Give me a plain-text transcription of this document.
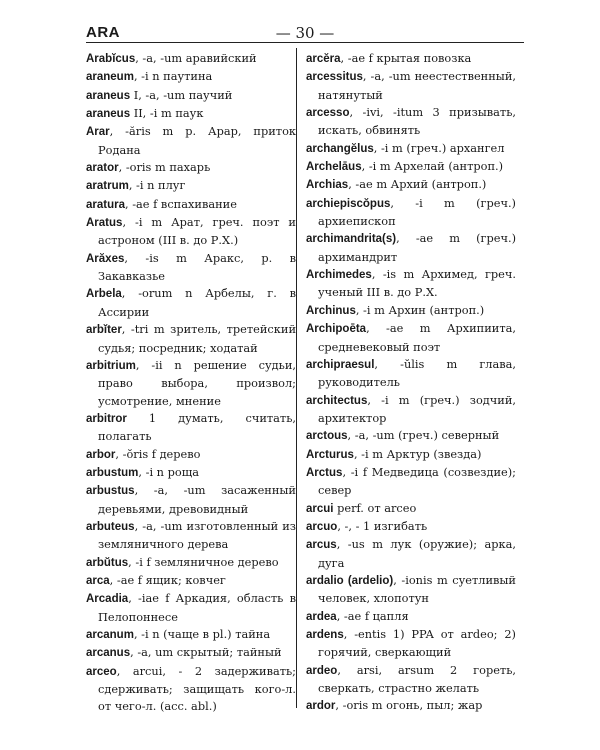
ARA	— 30 —

Arabĭcus, -a, -um аравийский

araneum, -i n паутина

araneus I, -a, -um паучий

araneus II, -i m паук

Arar, -ăris m p. Арар, приток Родана

arator, -oris m пахарь

aratrum, -i n плуг

aratura, -ae f вспахивание

Aratus, -i m Арат, греч. поэт и астроном (III в. до Р.Х.)

Arăxes, -is m Аракс, р. в Закавказье

Arbela, -orum n Арбелы, г. в Ассирии

arbĭter, -tri m зритель, третейский судья; посредник; ходатай

arbitrium, -ii n решение судьи, право выбора, произвол; усмотрение, мнение

arbitror 1 думать, считать, полагать

arbor, -ŏris f дерево

arbustum, -i n роща

arbustus, -a, -um засаженный деревьями, древовидный

arbuteus, -a, -um изготовленный из земляничного дерева

arbŭtus, -i f земляничное дерево

arca, -ae f ящик; ковчег

Arcadia, -iae f Аркадия, область в Пелопоннесе

arcanum, -i n (чаще в pl.) тайна

arcanus, -a, um скрытый; тайный

arceo, arcui, - 2 задерживать; сдерживать; защищать кого-л. от чего-л. (acc. abl.)

arcĕra, -ae f крытая повозка

arcessitus, -a, -um неестественный, натянутый

arcesso, -ivi, -itum 3 призывать, искать, обвинять

archangĕlus, -i m (греч.) архангел

Archelāus, -i m Архелай (антроп.)

Archias, -ae m Архий (антроп.)

archiepiscŏpus, -i m (греч.) архиепископ

archimandrita(s), -ae m (греч.) архимандрит

Archimedes, -is m Архимед, греч. ученый III в. до Р.Х.

Archinus, -i m Архин (антроп.)

Archipoēta, -ae m Архипиита, средневековый поэт

archipraesul, -ŭlis m глава, руководитель

architectus, -i m (греч.) зодчий, архитектор

arctous, -a, -um (греч.) северный

Arcturus, -i m Арктур (звезда)

Arctus, -i f Медведица (созвездие); север

arcui perf. от arceo

arcuo, -, - 1 изгибать

arcus, -us m лук (оружие); арка, дуга

ardalio (ardelio), -ionis m суетливый человек, хлопотун

ardea, -ae f цапля

ardens, -entis 1) PPA от ardeo; 2) горячий, сверкающий

ardeo, arsi, arsum 2 гореть, сверкать, страстно желать

ardor, -oris m огонь, пыл; жар
